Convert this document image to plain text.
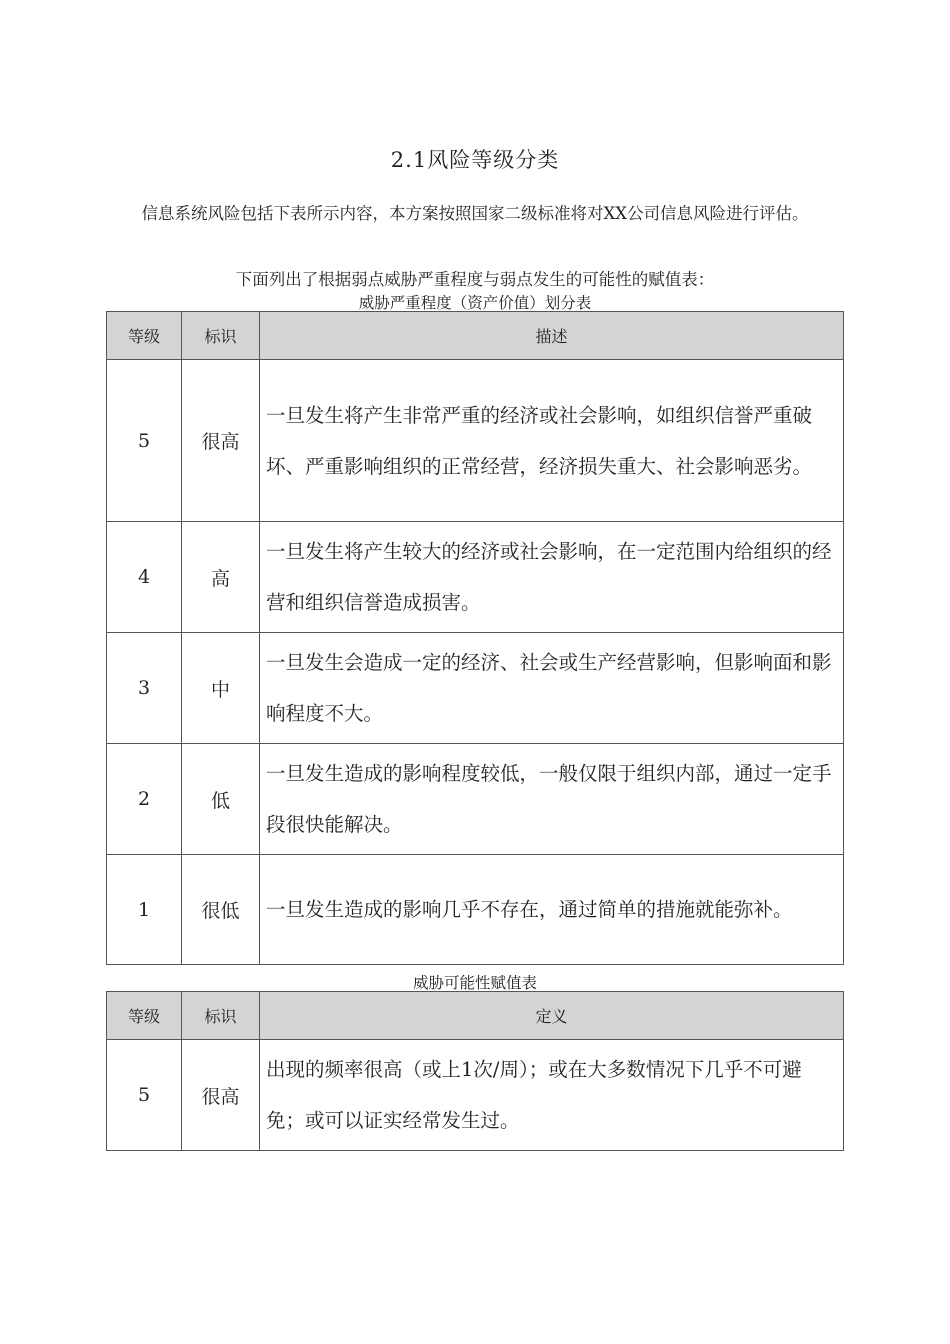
2.1风险等级分类
信息系统风险包括下表所示内容，本方案按照国家二级标准将对XX公司信息风险进行评估。
下面列出了根据弱点威胁严重程度与弱点发生的可能性的赋值表：
威胁严重程度（资产价值）划分表
等级	标识	描述
5	很高	一旦发生将产生非常严重的经济或社会影响，如组织信誉严重破坏、严重影响组织的正常经营，经济损失重大、社会影响恶劣。
4	高	一旦发生将产生较大的经济或社会影响，在一定范围内给组织的经营和组织信誉造成损害。
3	中	一旦发生会造成一定的经济、社会或生产经营影响，但影响面和影响程度不大。
2	低	一旦发生造成的影响程度较低，一般仅限于组织内部，通过一定手段很快能解决。
1	很低	一旦发生造成的影响几乎不存在，通过简单的措施就能弥补。
威胁可能性赋值表
等级	标识	定义
5	很高	出现的频率很高（或上1次/周）；或在大多数情况下几乎不可避免；或可以证实经常发生过。
